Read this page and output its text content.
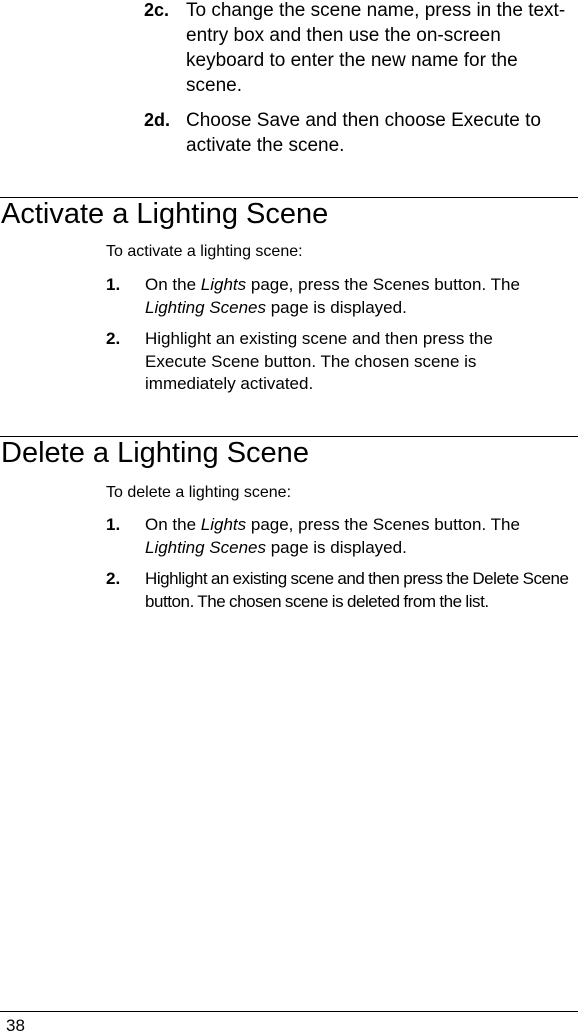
2c. To change the scene name, press in the text-entry box and then use the on-screen keyboard to enter the new name for the scene.
2d. Choose Save and then choose Execute to activate the scene.
Activate a Lighting Scene
To activate a lighting scene:
1. On the Lights page, press the Scenes button. The Lighting Scenes page is displayed.
2. Highlight an existing scene and then press the Execute Scene button. The chosen scene is immediately activated.
Delete a Lighting Scene
To delete a lighting scene:
1. On the Lights page, press the Scenes button. The Lighting Scenes page is displayed.
2. Highlight an existing scene and then press the Delete Scene button. The chosen scene is deleted from the list.
38
